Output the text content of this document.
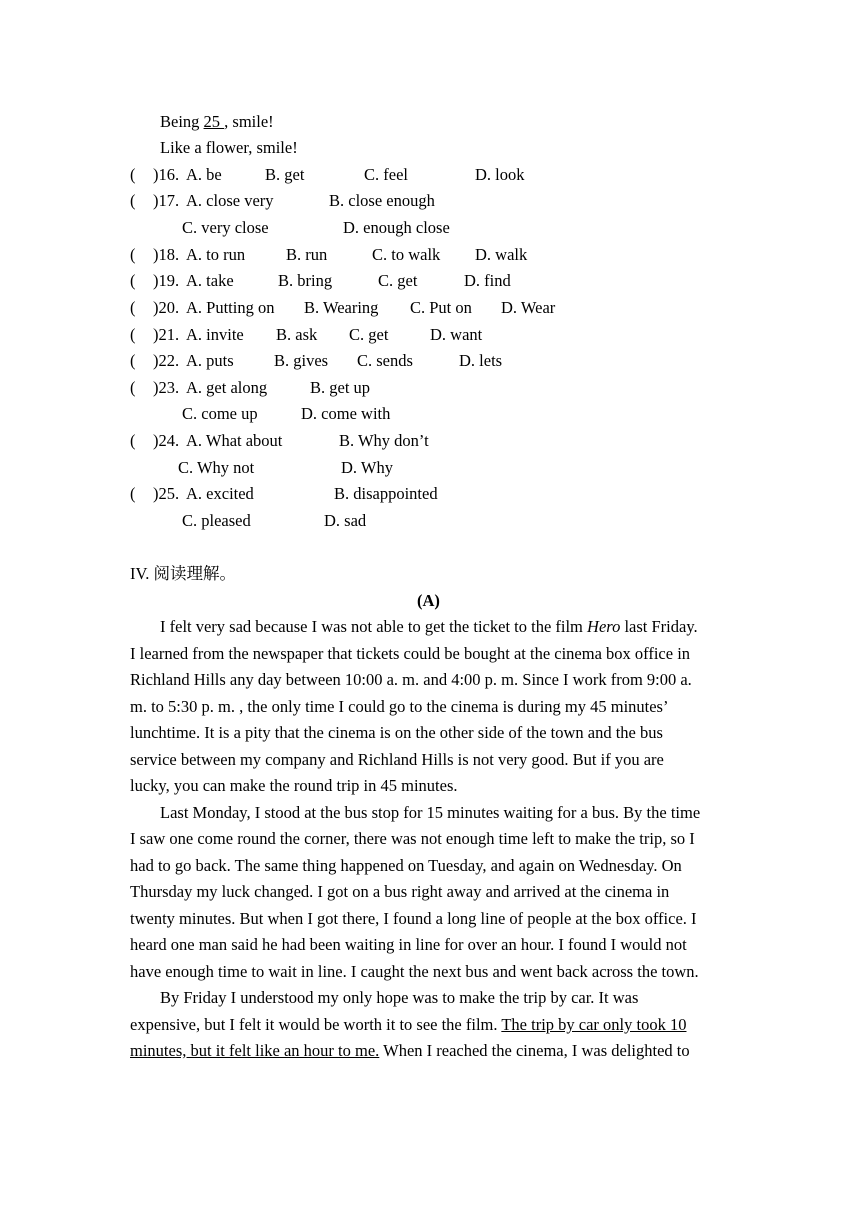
Being 25 , smile!
Like a flower, smile!
( )16. A. be	B. get	C. feel	D. look
( )17. A. close very	B. close enough
C. very close	D. enough close
( )18. A. to run B. run	C. to walk D. walk
( )19. A. take	B. bring	C. get	D. find
( )20. A. Putting on B. Wearing C. Put on D. Wear
( )21. A. invite B. ask C. get	D. want
( )22. A. puts B. gives C. sends	D. lets
( )23. A. get along	B. get up
C. come up	D. come with
( )24. A. What about	B. Why don’t
C. Why not	D. Why
( )25. A. excited	B. disappointed
C. pleased	D. sad
IV. 阅读理解。
(A)
I felt very sad because I was not able to get the ticket to the film Hero last Friday.
I learned from the newspaper that tickets could be bought at the cinema box office in
Richland Hills any day between 10:00 a. m. and 4:00 p. m. Since I work from 9:00 a.
m. to 5:30 p. m. , the only time I could go to the cinema is during my 45 minutes’
lunchtime. It is a pity that the cinema is on the other side of the town and the bus
service between my company and Richland Hills is not very good. But if you are
lucky, you can make the round trip in 45 minutes.
Last Monday, I stood at the bus stop for 15 minutes waiting for a bus. By the time
I saw one come round the corner, there was not enough time left to make the trip, so I
had to go back. The same thing happened on Tuesday, and again on Wednesday. On
Thursday my luck changed. I got on a bus right away and arrived at the cinema in
twenty minutes. But when I got there, I found a long line of people at the box office. I
heard one man said he had been waiting in line for over an hour. I found I would not
have enough time to wait in line. I caught the next bus and went back across the town.
By Friday I understood my only hope was to make the trip by car. It was
expensive, but I felt it would be worth it to see the film. The trip by car only took 10
minutes, but it felt like an hour to me. When I reached the cinema, I was delighted to
